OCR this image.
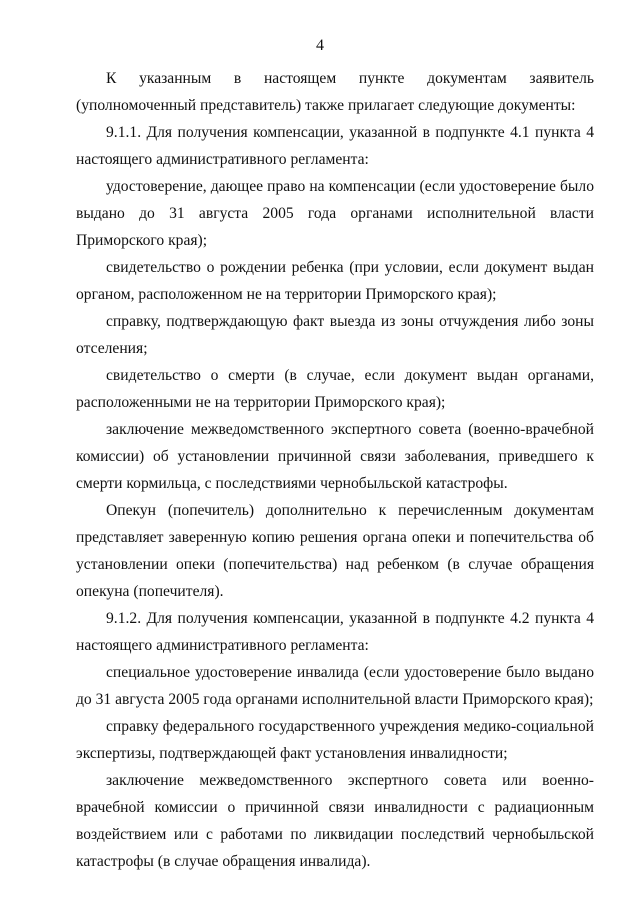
4

К указанным в настоящем пункте документам заявитель (уполномоченный представитель) также прилагает следующие документы:

9.1.1. Для получения компенсации, указанной в подпункте 4.1 пункта 4 настоящего административного регламента:

удостоверение, дающее право на компенсации (если удостоверение было выдано до 31 августа 2005 года органами исполнительной власти Приморского края);

свидетельство о рождении ребенка (при условии, если документ выдан органом, расположенном не на территории Приморского края);

справку, подтверждающую факт выезда из зоны отчуждения либо зоны отселения;

свидетельство о смерти (в случае, если документ выдан органами, расположенными не на территории Приморского края);

заключение межведомственного экспертного совета (военно-врачебной комиссии) об установлении причинной связи заболевания, приведшего к смерти кормильца, с последствиями чернобыльской катастрофы.

Опекун (попечитель) дополнительно к перечисленным документам представляет заверенную копию решения органа опеки и попечительства об установлении опеки (попечительства) над ребенком (в случае обращения опекуна (попечителя).

9.1.2. Для получения компенсации, указанной в подпункте 4.2 пункта 4 настоящего административного регламента:

специальное удостоверение инвалида (если удостоверение было выдано до 31 августа 2005 года органами исполнительной власти Приморского края);

справку федерального государственного учреждения медико-социальной экспертизы, подтверждающей факт установления инвалидности;

заключение межведомственного экспертного совета или военно-врачебной комиссии о причинной связи инвалидности с радиационным воздействием или с работами по ликвидации последствий чернобыльской катастрофы (в случае обращения инвалида).
